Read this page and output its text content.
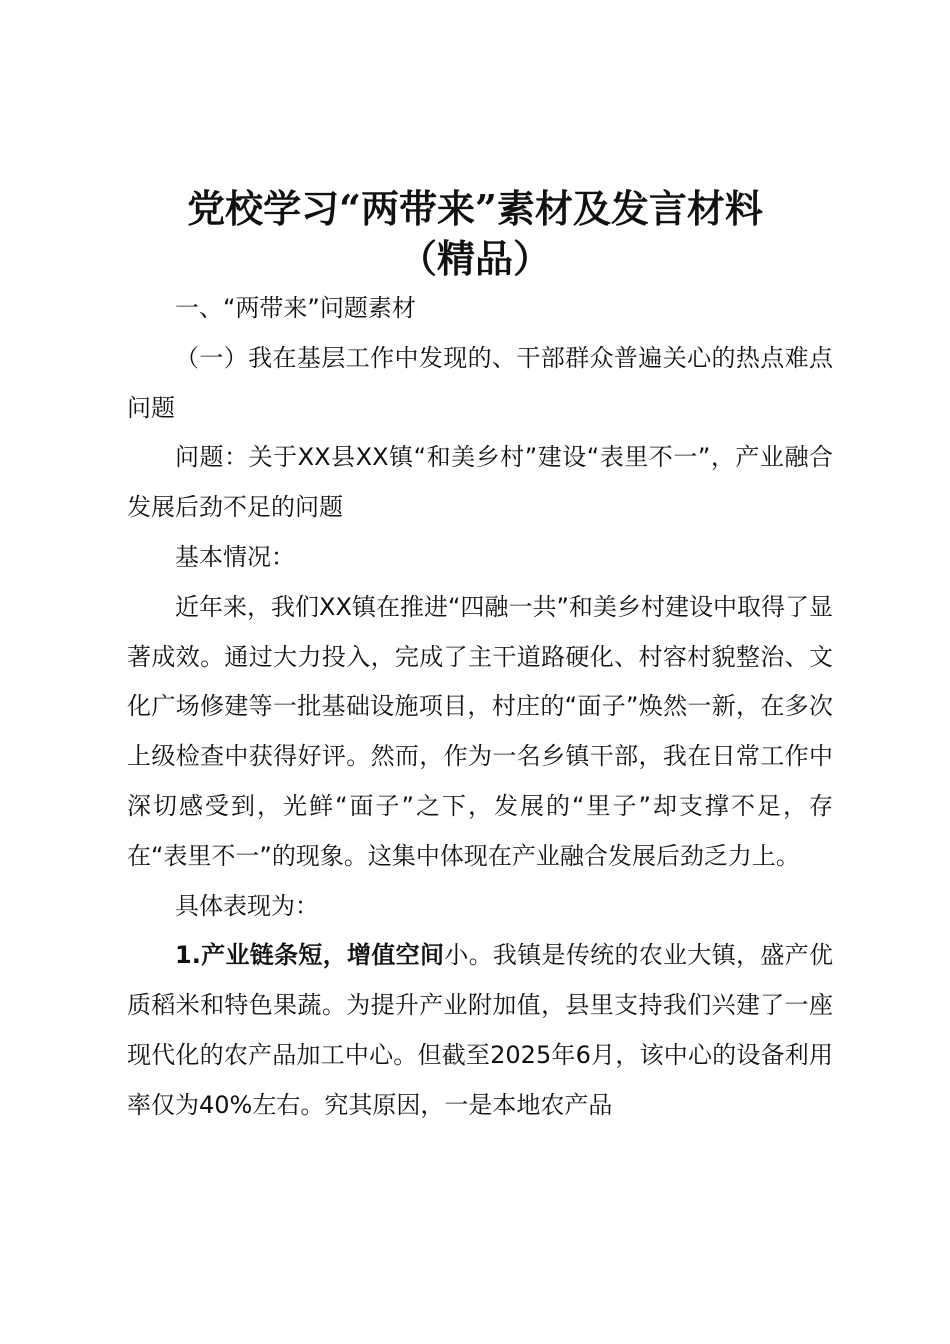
党校学习“两带来”素材及发言材料
（精品）

一、“两带来”问题素材

（一）我在基层工作中发现的、干部群众普遍关心的热点难点问题

问题：关于XX县XX镇“和美乡村”建设“表里不一”，产业融合发展后劲不足的问题

基本情况：

近年来，我们XX镇在推进“四融一共”和美乡村建设中取得了显著成效。通过大力投入，完成了主干道路硬化、村容村貌整治、文化广场修建等一批基础设施项目，村庄的“面子”焕然一新，在多次上级检查中获得好评。然而，作为一名乡镇干部，我在日常工作中深切感受到，光鲜“面子”之下，发展的“里子”却支撑不足，存在“表里不一”的现象。这集中体现在产业融合发展后劲乏力上。

具体表现为：

1.产业链条短，增值空间小。我镇是传统的农业大镇，盛产优质稻米和特色果蔬。为提升产业附加值，县里支持我们兴建了一座现代化的农产品加工中心。但截至2025年6月，该中心的设备利用率仅为40%左右。究其原因，一是本地农产品
